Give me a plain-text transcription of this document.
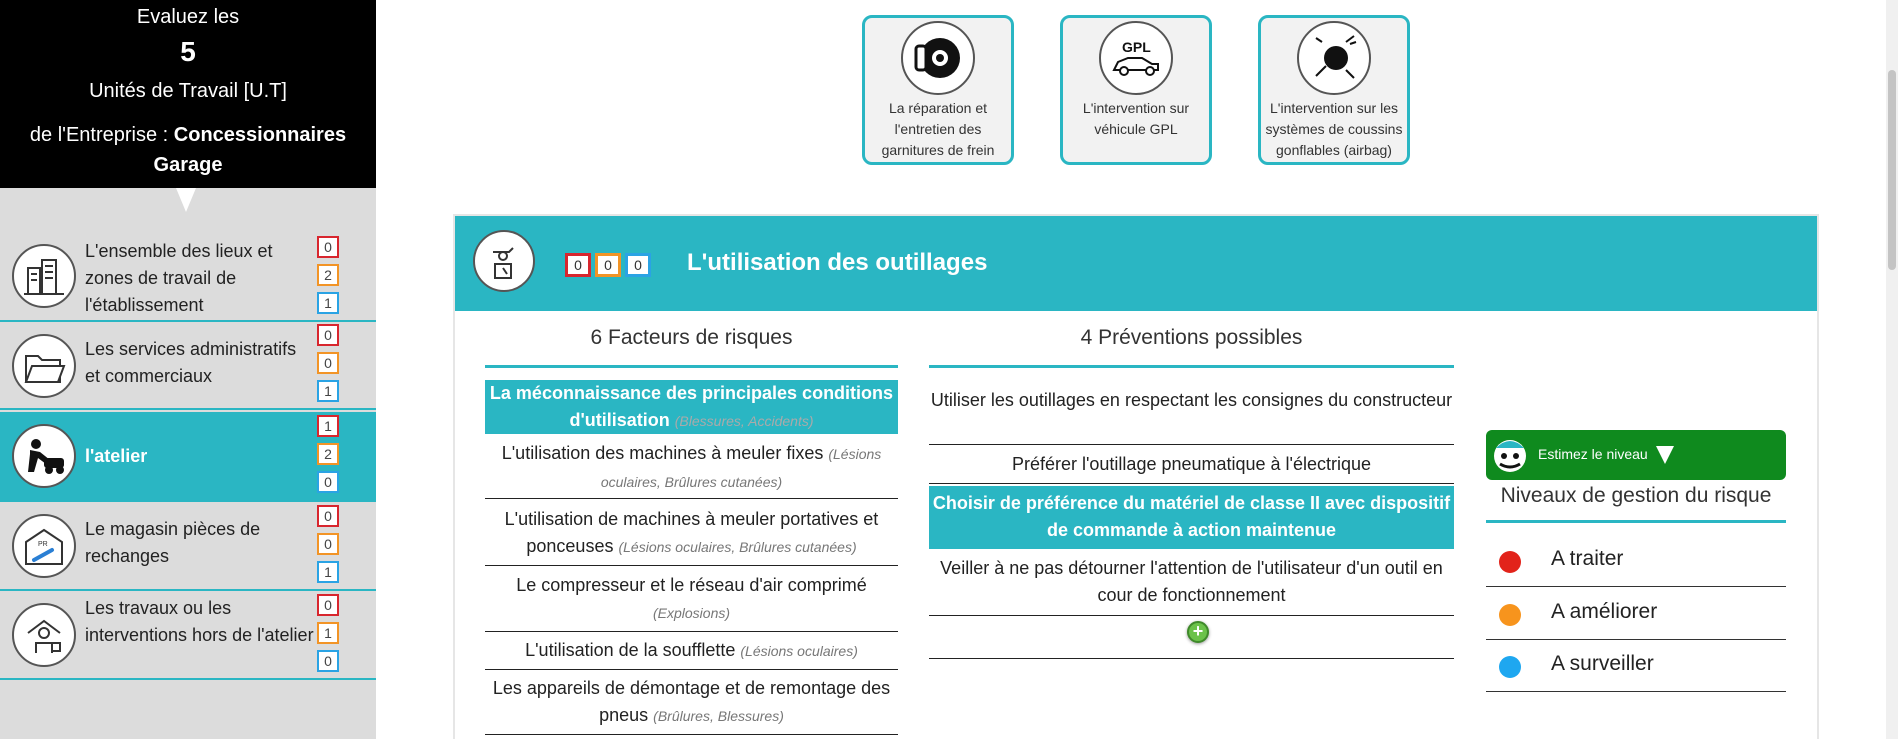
Evaluez les
5
Unités de Travail [U.T]
de l'Entreprise : Concessionnaires Garage
L'ensemble des lieux et zones de travail de l'établissement
0
2
1
Les services administratifs et commerciaux
0
0
1
l'atelier
1
2
0
PR
Le magasin pièces de rechanges
0
0
1
Les travaux ou les interventions hors de l'atelier
0
1
0
La réparation et l'entretien des garnitures de frein
GPL
L'intervention sur véhicule GPL
L'intervention sur les systèmes de coussins gonflables (airbag)
0	0	0	L'utilisation des outillages
6 Facteurs de risques	4 Préventions possibles
La méconnaissance des principales conditions d'utilisation (Blessures, Accidents)
L'utilisation des machines à meuler fixes (Lésions oculaires, Brûlures cutanées)
L'utilisation de machines à meuler portatives et ponceuses (Lésions oculaires, Brûlures cutanées)
Le compresseur et le réseau d'air comprimé
(Explosions)
L'utilisation de la soufflette (Lésions oculaires)
Les appareils de démontage et de remontage des pneus (Brûlures, Blessures)
Utiliser les outillages en respectant les consignes du constructeur
Préférer l'outillage pneumatique à l'électrique
Choisir de préférence du matériel de classe II avec dispositif de commande à action maintenue
Veiller à ne pas détourner l'attention de l'utilisateur d'un outil en cour de fonctionnement
+
Estimez le niveau
Niveaux de gestion du risque
A traiter
A améliorer
A surveiller
